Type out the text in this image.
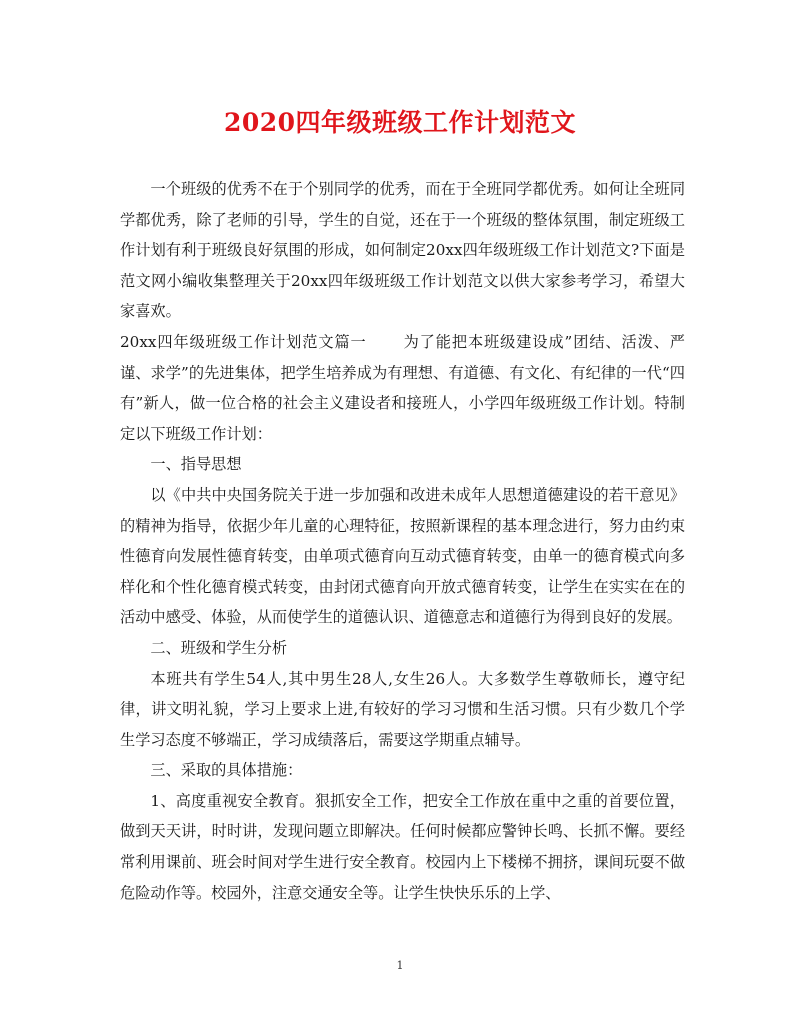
2020四年级班级工作计划范文

一个班级的优秀不在于个别同学的优秀，而在于全班同学都优秀。如何让全班同学都优秀，除了老师的引导，学生的自觉，还在于一个班级的整体氛围，制定班级工作计划有利于班级良好氛围的形成，如何制定20xx四年级班级工作计划范文?下面是范文网小编收集整理关于20xx四年级班级工作计划范文以供大家参考学习，希望大家喜欢。

20xx四年级班级工作计划范文篇一 为了能把本班级建设成”团结、活泼、严谨、求学”的先进集体，把学生培养成为有理想、有道德、有文化、有纪律的一代“四有”新人，做一位合格的社会主义建设者和接班人，小学四年级班级工作计划。特制定以下班级工作计划：

一、指导思想

以《中共中央国务院关于进一步加强和改进未成年人思想道德建设的若干意见》的精神为指导，依据少年儿童的心理特征，按照新课程的基本理念进行，努力由约束性德育向发展性德育转变，由单项式德育向互动式德育转变，由单一的德育模式向多样化和个性化德育模式转变，由封闭式德育向开放式德育转变，让学生在实实在在的活动中感受、体验，从而使学生的道德认识、道德意志和道德行为得到良好的发展。

二、班级和学生分析

本班共有学生54人,其中男生28人,女生26人。大多数学生尊敬师长，遵守纪律，讲文明礼貌，学习上要求上进,有较好的学习习惯和生活习惯。只有少数几个学生学习态度不够端正，学习成绩落后，需要这学期重点辅导。

三、采取的具体措施：

1、高度重视安全教育。狠抓安全工作，把安全工作放在重中之重的首要位置，做到天天讲，时时讲，发现问题立即解决。任何时候都应警钟长鸣、长抓不懈。要经常利用课前、班会时间对学生进行安全教育。校园内上下楼梯不拥挤，课间玩耍不做危险动作等。校园外，注意交通安全等。让学生快快乐乐的上学、

1
